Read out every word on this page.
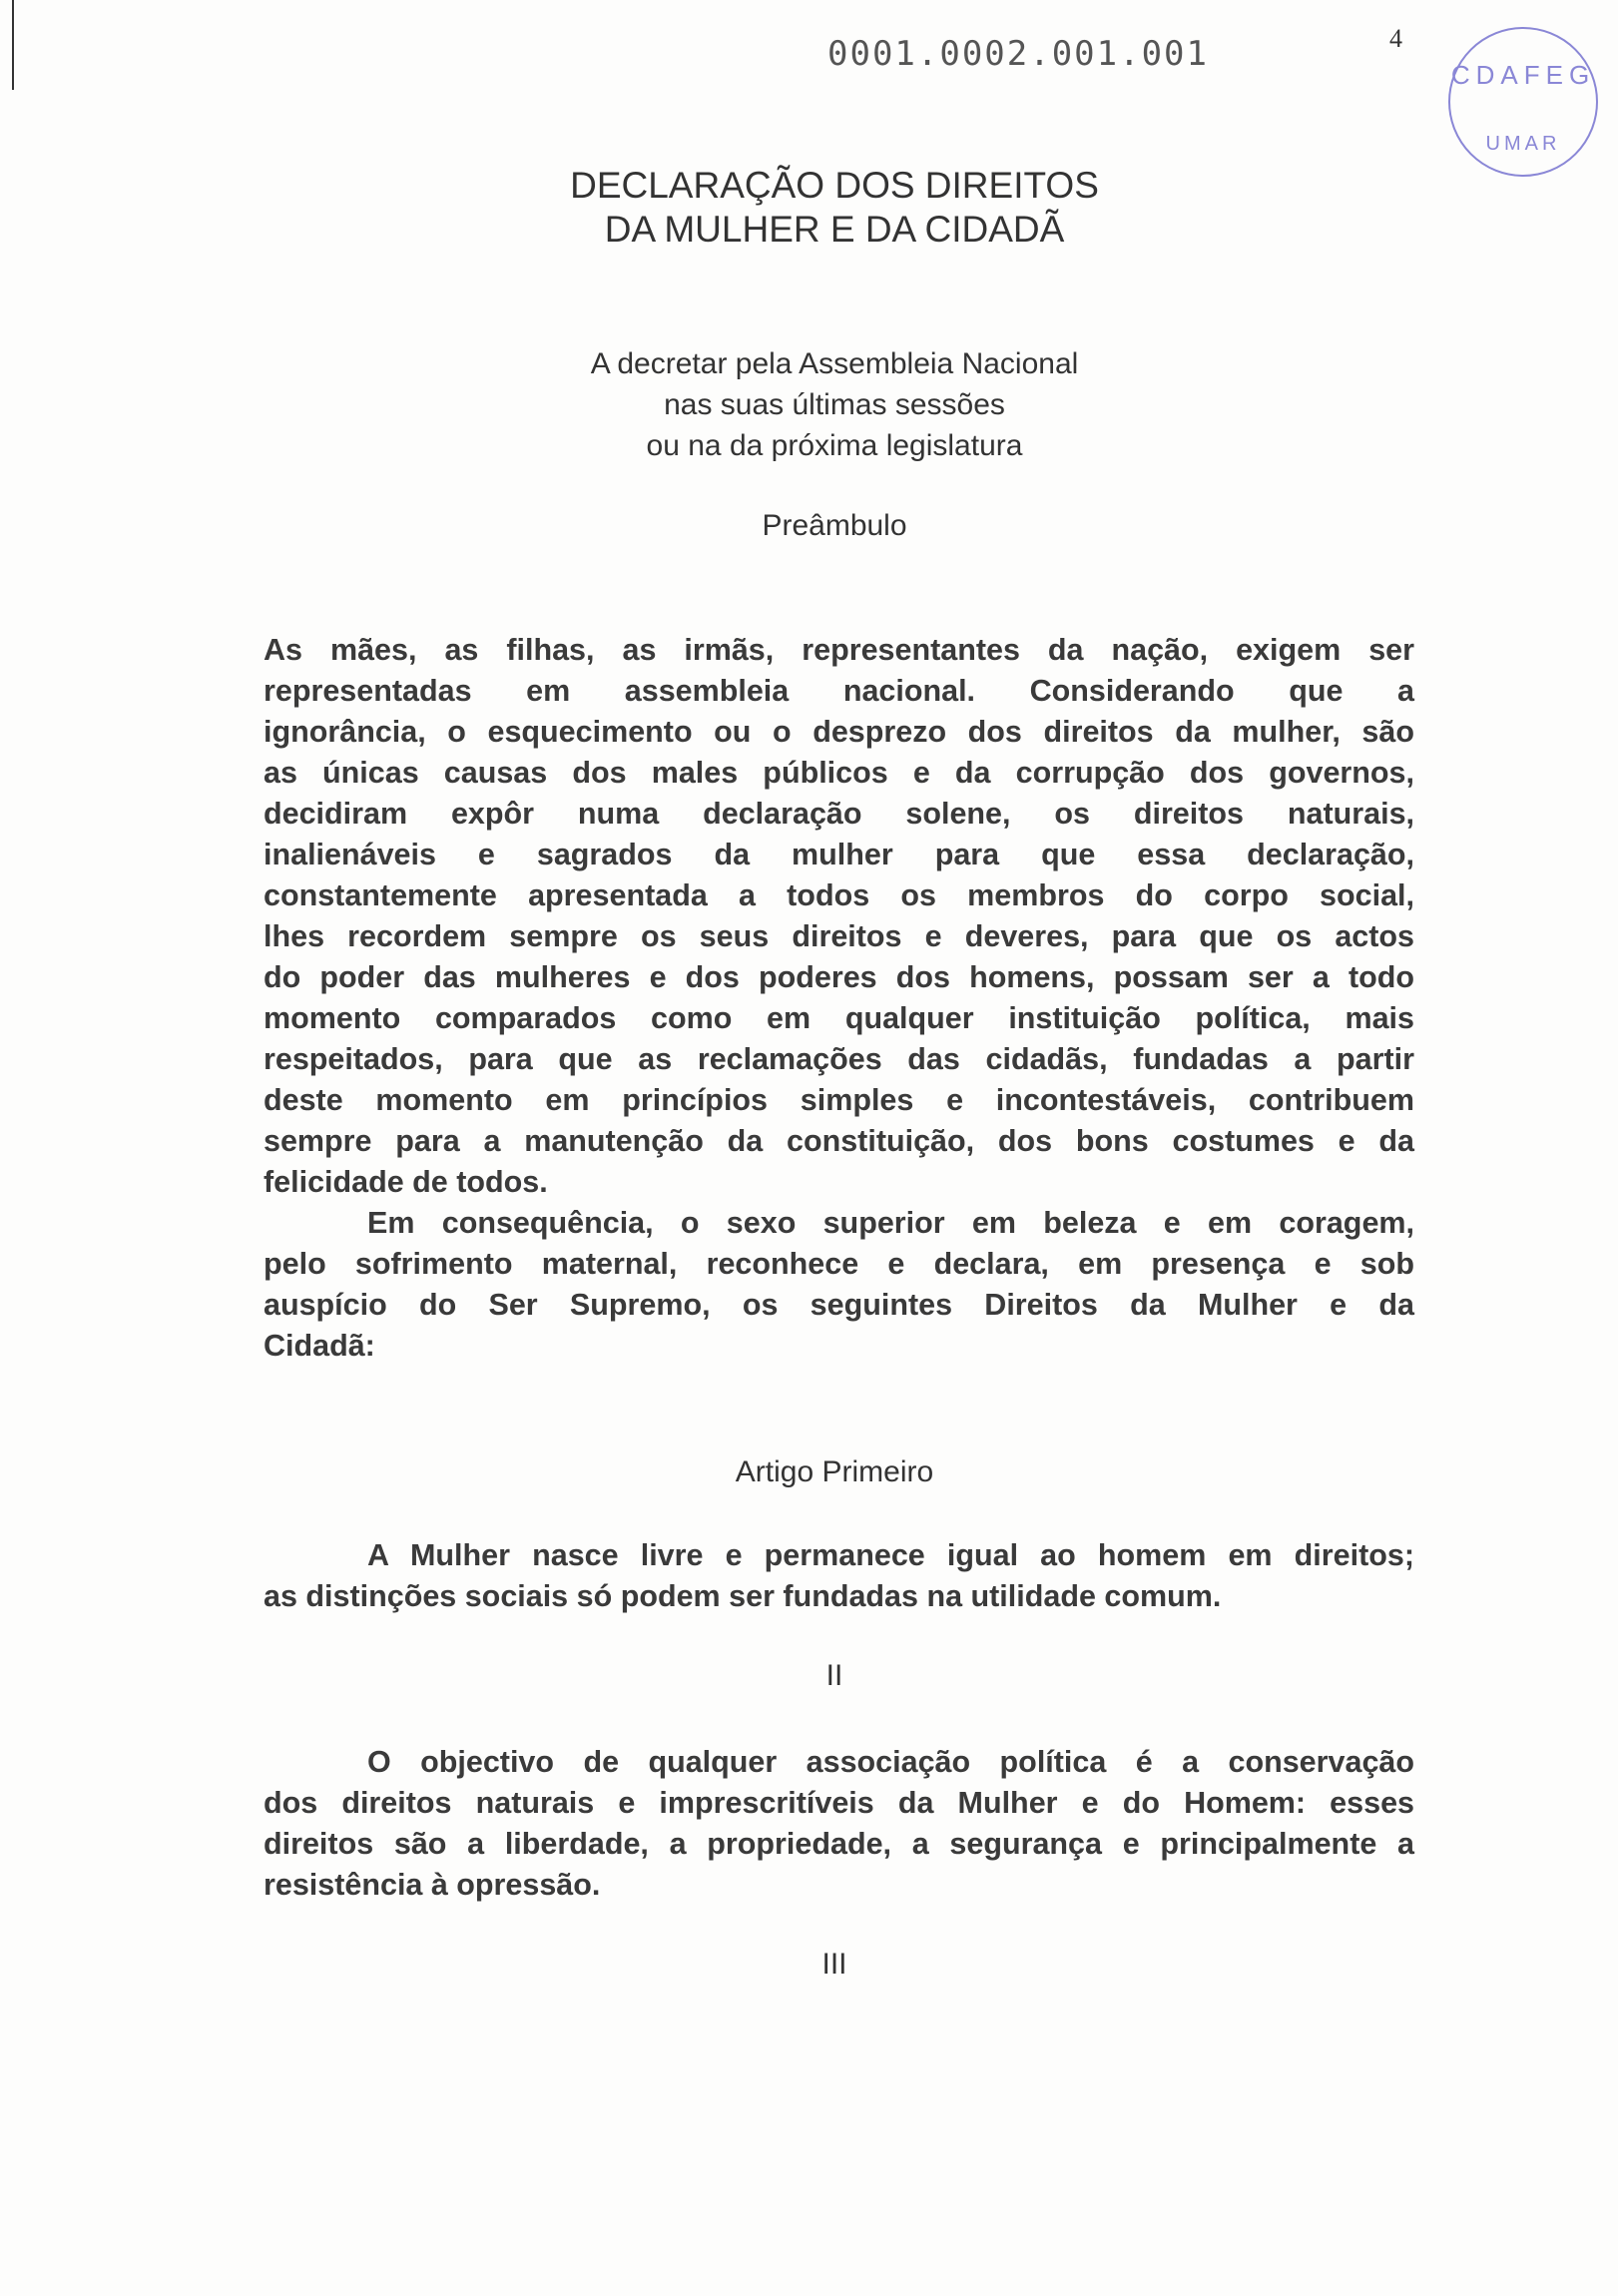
0001.0002.001.001	4
CDAFEG
UMAR
DECLARAÇÃO DOS DIREITOS
DA MULHER E DA CIDADÃ
A decretar pela Assembleia Nacional
nas suas últimas sessões
ou na da próxima legislatura
Preâmbulo
As mães, as filhas, as irmãs, representantes da nação, exigem ser
representadas em assembleia nacional. Considerando que a
ignorância, o esquecimento ou o desprezo dos direitos da mulher, são
as únicas causas dos males públicos e da corrupção dos governos,
decidiram expôr numa declaração solene, os direitos naturais,
inalienáveis e sagrados da mulher para que essa declaração,
constantemente apresentada a todos os membros do corpo social,
lhes recordem sempre os seus direitos e deveres, para que os actos
do poder das mulheres e dos poderes dos homens, possam ser a todo
momento comparados como em qualquer instituição política, mais
respeitados, para que as reclamações das cidadãs, fundadas a partir
deste momento em princípios simples e incontestáveis, contribuem
sempre para a manutenção da constituição, dos bons costumes e da
felicidade de todos.
Em consequência, o sexo superior em beleza e em coragem,
pelo sofrimento maternal, reconhece e declara, em presença e sob
auspício do Ser Supremo, os seguintes Direitos da Mulher e da
Cidadã:
Artigo Primeiro
A Mulher nasce livre e permanece igual ao homem em direitos;
as distinções sociais só podem ser fundadas na utilidade comum.
II
O objectivo de qualquer associação política é a conservação
dos direitos naturais e imprescritíveis da Mulher e do Homem: esses
direitos são a liberdade, a propriedade, a segurança e principalmente a
resistência à opressão.
III
